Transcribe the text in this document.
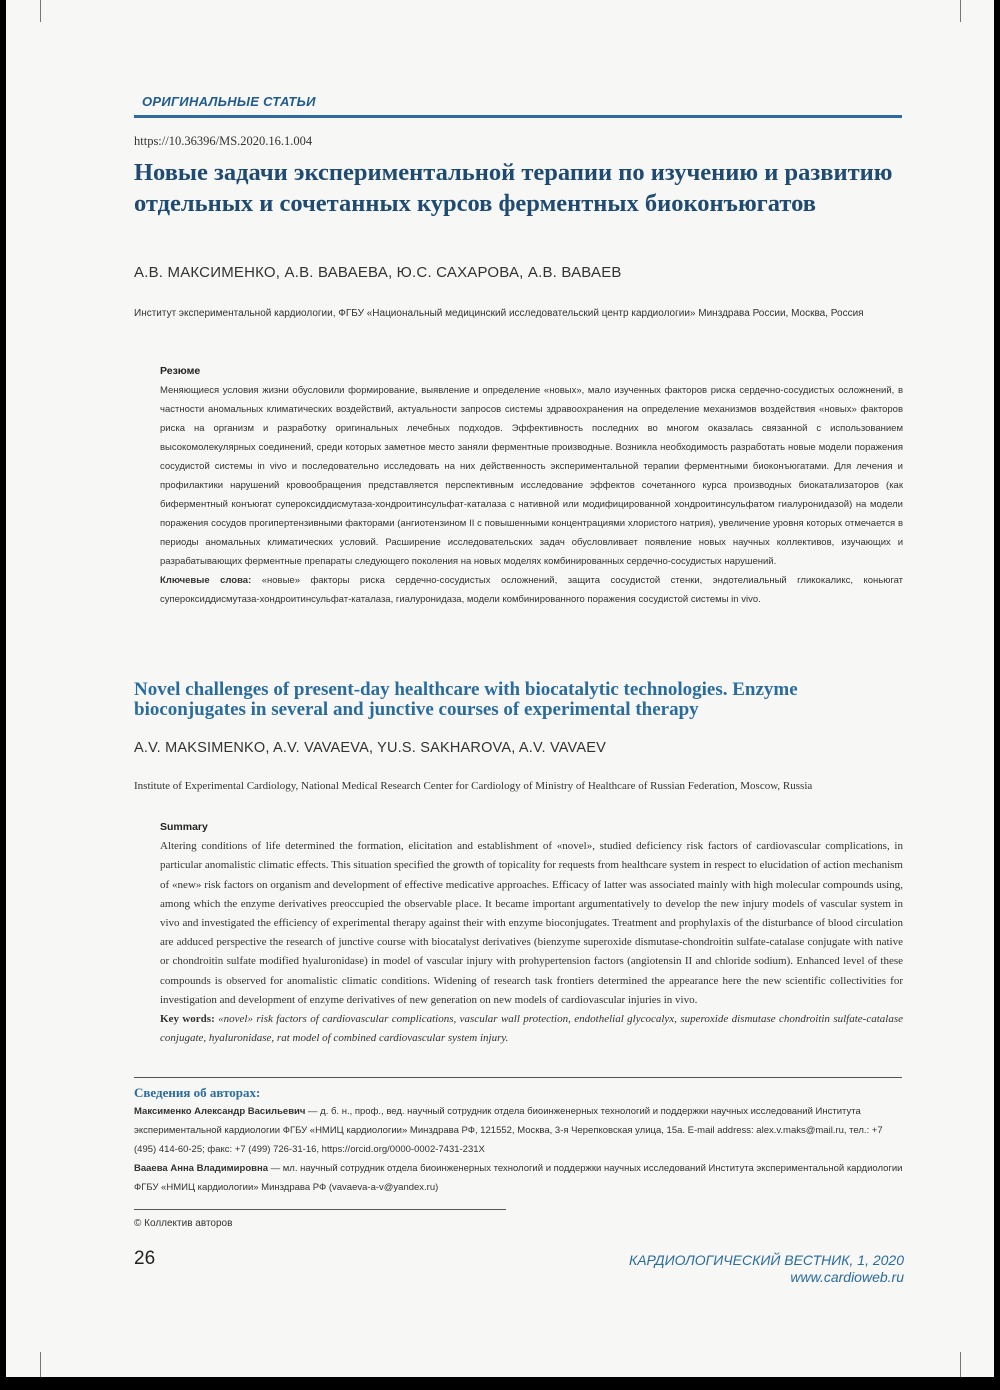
ОРИГИНАЛЬНЫЕ СТАТЬИ
https://10.36396/MS.2020.16.1.004
Новые задачи экспериментальной терапии по изучению и развитию отдельных и сочетанных курсов ферментных биоконъюгатов
А.В. МАКСИМЕНКО, А.В. ВАВАЕВА, Ю.С. САХАРОВА, А.В. ВАВАЕВ
Институт экспериментальной кардиологии, ФГБУ «Национальный медицинский исследовательский центр кардиологии» Минздрава России, Москва, Россия
Резюме
Меняющиеся условия жизни обусловили формирование, выявление и определение «новых», мало изученных факторов риска сердечно-сосудистых осложнений, в частности аномальных климатических воздействий, актуальности запросов системы здравоохранения на определение механизмов воздействия «новых» факторов риска на организм и разработку оригинальных лечебных подходов. Эффективность последних во многом оказалась связанной с использованием высокомолекулярных соединений, среди которых заметное место заняли ферментные производные. Возникла необходимость разработать новые модели поражения сосудистой системы in vivo и последовательно исследовать на них действенность экспериментальной терапии ферментными биоконъюгатами. Для лечения и профилактики нарушений кровообращения представляется перспективным исследование эффектов сочетанного курса производных биокатализаторов (как биферментный конъюгат супероксиддисмутаза-хондроитинсульфат-каталаза с нативной или модифицированной хондроитинсульфатом гиалуронидазой) на модели поражения сосудов прогипертензивными факторами (ангиотензином II с повышенными концентрациями хлористого натрия), увеличение уровня которых отмечается в периоды аномальных климатических условий. Расширение исследовательских задач обусловливает появление новых научных коллективов, изучающих и разрабатывающих ферментные препараты следующего поколения на новых моделях комбинированных сердечно-сосудистых нарушений.
Ключевые слова: «новые» факторы риска сердечно-сосудистых осложнений, защита сосудистой стенки, эндотелиальный гликокаликс, коньюгат супероксиддисмутаза-хондроитинсульфат-каталаза, гиалуронидаза, модели комбинированного поражения сосудистой системы in vivo.
Novel challenges of present-day healthcare with biocatalytic technologies. Enzyme bioconjugates in several and junctive courses of experimental therapy
A.V. MAKSIMENKO, A.V. VAVAEVA, YU.S. SAKHAROVA, A.V. VAVAEV
Institute of Experimental Cardiology, National Medical Research Center for Cardiology of Ministry of Healthcare of Russian Federation, Moscow, Russia
Summary
Altering conditions of life determined the formation, elicitation and establishment of «novel», studied deficiency risk factors of cardiovascular complications, in particular anomalistic climatic effects. This situation specified the growth of topicality for requests from healthcare system in respect to elucidation of action mechanism of «new» risk factors on organism and development of effective medicative approaches. Efficacy of latter was associated mainly with high molecular compounds using, among which the enzyme derivatives preoccupied the observable place. It became important argumentatively to develop the new injury models of vascular system in vivo and investigated the efficiency of experimental therapy against their with enzyme bioconjugates. Treatment and prophylaxis of the disturbance of blood circulation are adduced perspective the research of junctive course with biocatalyst derivatives (bienzyme superoxide dismutase-chondroitin sulfate-catalase conjugate with native or chondroitin sulfate modified hyaluronidase) in model of vascular injury with prohypertension factors (angiotensin II and chloride sodium). Enhanced level of these compounds is observed for anomalistic climatic conditions. Widening of research task frontiers determined the appearance here the new scientific collectivities for investigation and development of enzyme derivatives of new generation on new models of cardiovascular injuries in vivo.
Key words: «novel» risk factors of cardiovascular complications, vascular wall protection, endothelial glycocalyx, superoxide dismutase chondroitin sulfate-catalase conjugate, hyaluronidase, rat model of combined cardiovascular system injury.
Сведения об авторах:
Максименко Александр Васильевич — д. б. н., проф., вед. научный сотрудник отдела биоинженерных технологий и поддержки научных исследований Института экспериментальной кардиологии ФГБУ «НМИЦ кардиологии» Минздрава РФ, 121552, Москва, 3-я Черепковская улица, 15а. E-mail address: alex.v.maks@mail.ru, тел.: +7 (495) 414-60-25; факс: +7 (499) 726-31-16, https://orcid.org/0000-0002-7431-231X
Вааева Анна Владимировна — мл. научный сотрудник отдела биоинженерных технологий и поддержки научных исследований Института экспериментальной кардиологии ФГБУ «НМИЦ кардиологии» Минздрава РФ (vavaeva-a-v@yandex.ru)
© Коллектив авторов
26	КАРДИОЛОГИЧЕСКИЙ ВЕСТНИК, 1, 2020
www.cardioweb.ru
